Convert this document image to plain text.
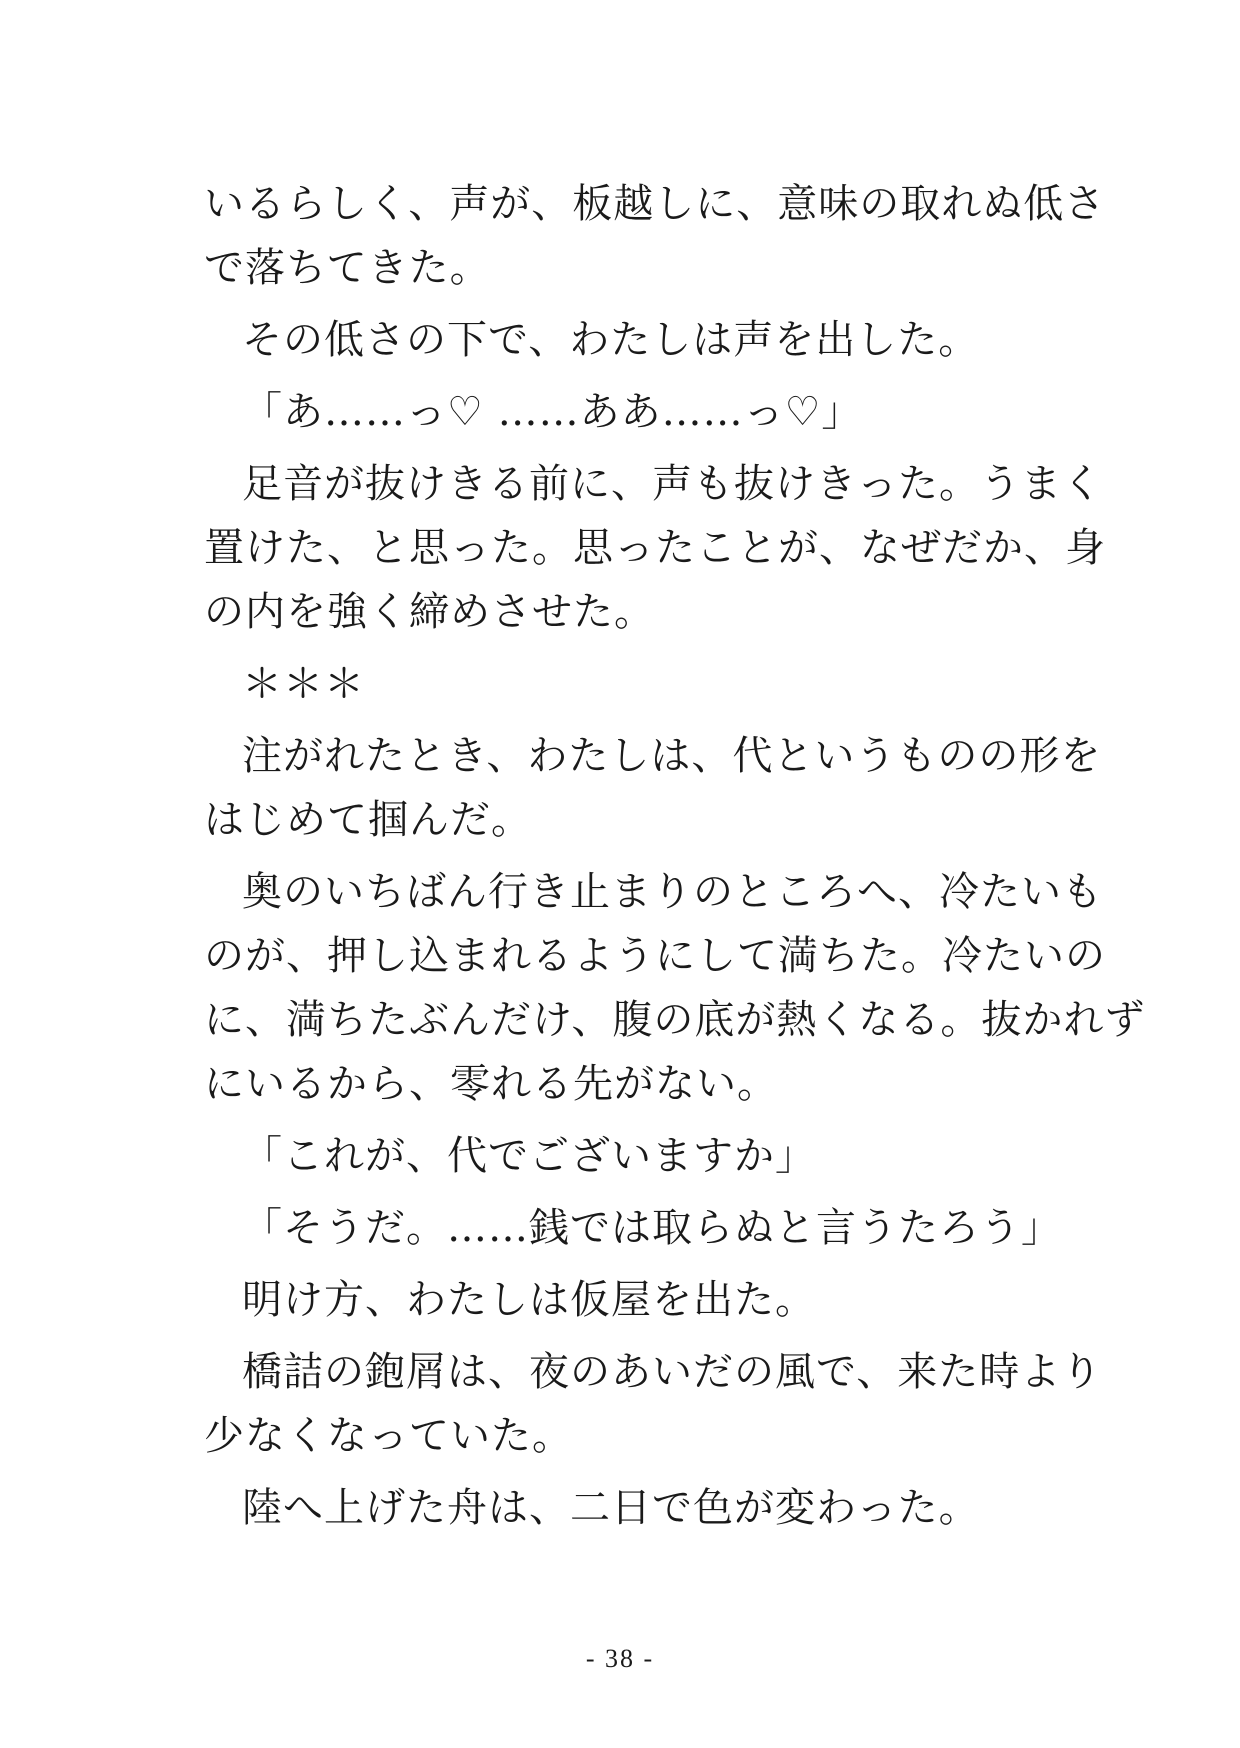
いるらしく、声が、板越しに、意味の取れぬ低さ
で落ちてきた。
その低さの下で、わたしは声を出した。
「あ……っ♡ ……ああ……っ♡」
足音が抜けきる前に、声も抜けきった。うまく
置けた、と思った。思ったことが、なぜだか、身
の内を強く締めさせた。
＊＊＊
注がれたとき、わたしは、代というものの形を
はじめて掴んだ。
奥のいちばん行き止まりのところへ、冷たいも
のが、押し込まれるようにして満ちた。冷たいの
に、満ちたぶんだけ、腹の底が熱くなる。抜かれず
にいるから、零れる先がない。
「これが、代でございますか」
「そうだ。……銭では取らぬと言うたろう」
明け方、わたしは仮屋を出た。
橋詰の鉋屑は、夜のあいだの風で、来た時より
少なくなっていた。
陸へ上げた舟は、二日で色が変わった。
- 38 -
